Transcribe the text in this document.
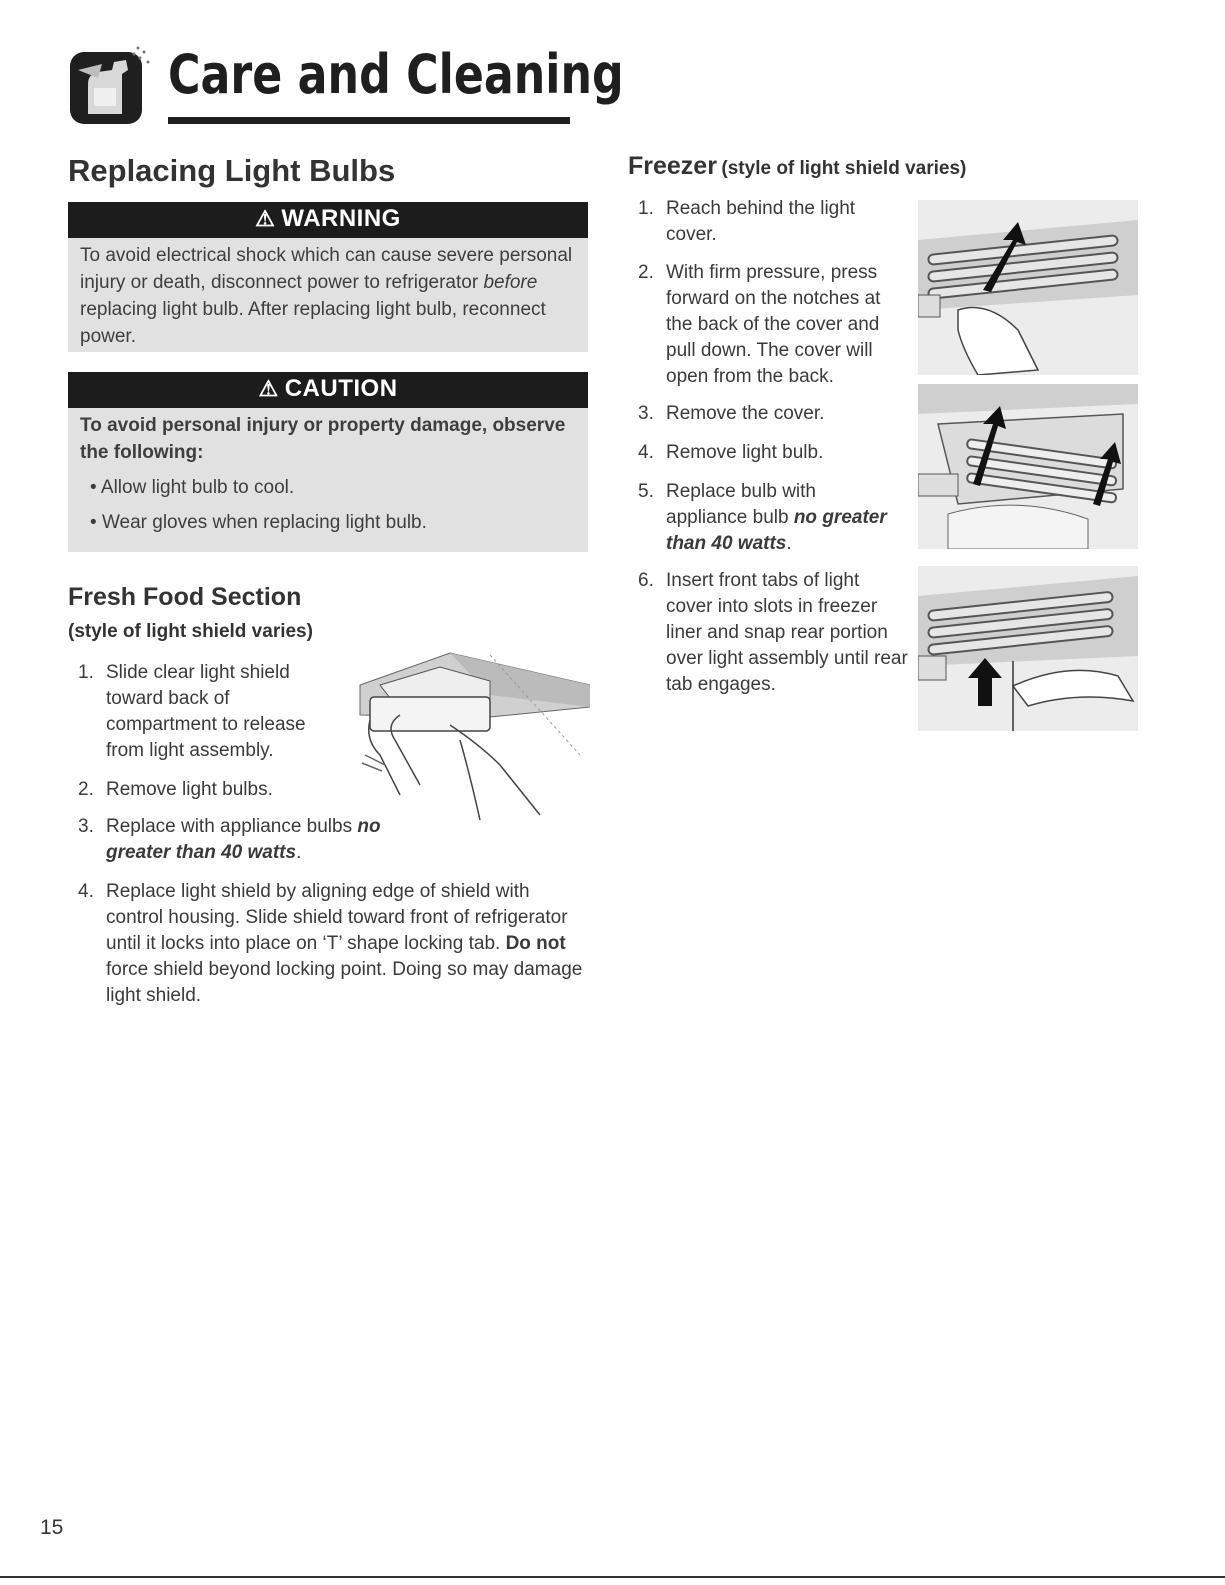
Care and Cleaning
Replacing Light Bulbs
⚠ WARNING

To avoid electrical shock which can cause severe personal injury or death, disconnect power to refrigerator before replacing light bulb. After replacing light bulb, reconnect power.

⚠ CAUTION

To avoid personal injury or property damage, observe the following:

• Allow light bulb to cool.

• Wear gloves when replacing light bulb.

Fresh Food Section
(style of light shield varies)
1. Slide clear light shield toward back of compartment to release from light assembly.
2. Remove light bulbs.
3. Replace with appliance bulbs no greater than 40 watts.
4. Replace light shield by aligning edge of shield with control housing. Slide shield toward front of refrigerator until it locks into place on ‘T’ shape locking tab. Do not force shield beyond locking point. Doing so may damage light shield.
Freezer (style of light shield varies)
1. Reach behind the light cover.
2. With firm pressure, press forward on the notches at the back of the cover and pull down. The cover will open from the back.
3. Remove the cover.
4. Remove light bulb.
5. Replace bulb with appliance bulb no greater than 40 watts.
6. Insert front tabs of light cover into slots in freezer liner and snap rear portion over light assembly until rear tab engages.
15
